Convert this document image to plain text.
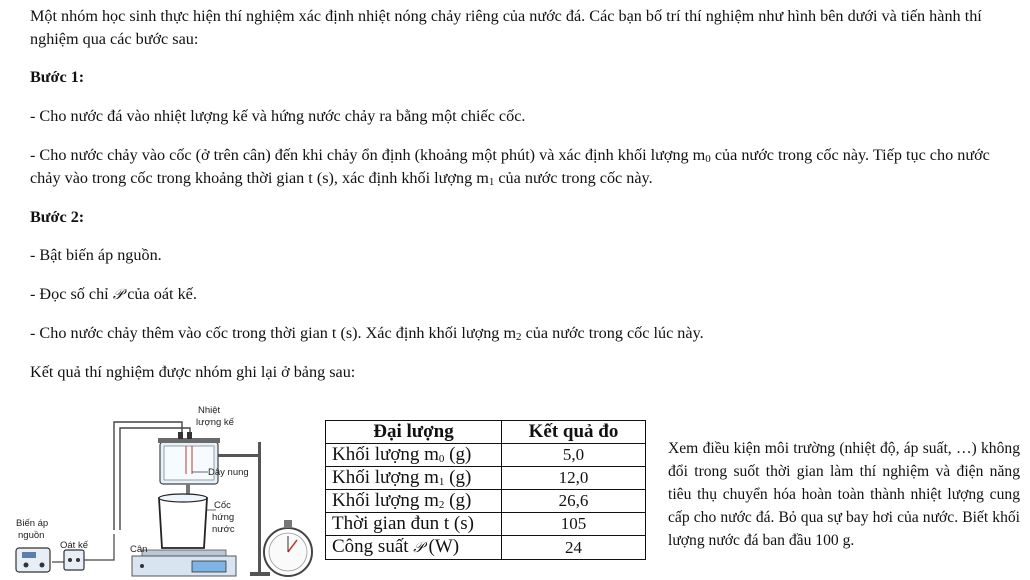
Một nhóm học sinh thực hiện thí nghiệm xác định nhiệt nóng chảy riêng của nước đá. Các bạn bố trí thí nghiệm như hình bên dưới và tiến hành thí nghiệm qua các bước sau:

Bước 1:

- Cho nước đá vào nhiệt lượng kế và hứng nước chảy ra bằng một chiếc cốc.

- Cho nước chảy vào cốc (ở trên cân) đến khi chảy ổn định (khoảng một phút) và xác định khối lượng $m_0$ của nước trong cốc này. Tiếp tục cho nước chảy vào trong cốc trong khoảng thời gian t (s), xác định khối lượng $m_1$ của nước trong cốc này.

Bước 2:

- Bật biến áp nguồn.

- Đọc số chỉ 𝒫 của oát kế.

- Cho nước chảy thêm vào cốc trong thời gian t (s). Xác định khối lượng $m_2$ của nước trong cốc lúc này.

Kết quả thí nghiệm được nhóm ghi lại ở bảng sau:

Nhiệt
lượng kế
Dây nung
Cốc
hứng
nước
Biến áp
nguồn
Oát kế	Cân
Đại lượng	Kết quả đo
Khối lượng $m_0$ (g)	5,0
Khối lượng $m_1$ (g)	12,0
Khối lượng $m_2$ (g)	26,6
Thời gian đun t (s)	105
Công suất 𝒫 (W)	24

Xem điều kiện môi trường (nhiệt độ, áp suất, …) không đổi trong suốt thời gian làm thí nghiệm và điện năng tiêu thụ chuyển hóa hoàn toàn thành nhiệt lượng cung cấp cho nước đá. Bỏ qua sự bay hơi của nước. Biết khối lượng nước đá ban đầu 100 g.
